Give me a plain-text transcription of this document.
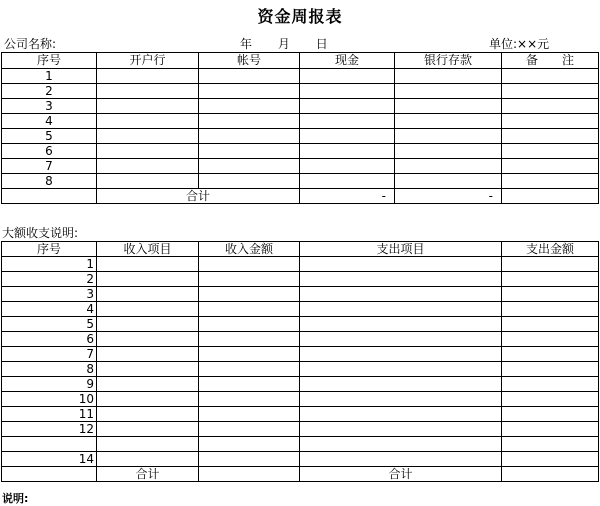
资金周报表
公司名称:	年 月 日	单位:××元
序号	开户行	帐号	现金	银行存款	备　　注
1					
2					
3					
4					
5					
6					
7					
8					
	合计		-	-	
大额收支说明:
序号	收入项目	收入金额	支出项目	支出金额
1				
2				
3				
4				
5				
6				
7				
8				
9				
10				
11				
12				

14				
	合计		合计	
说明:
